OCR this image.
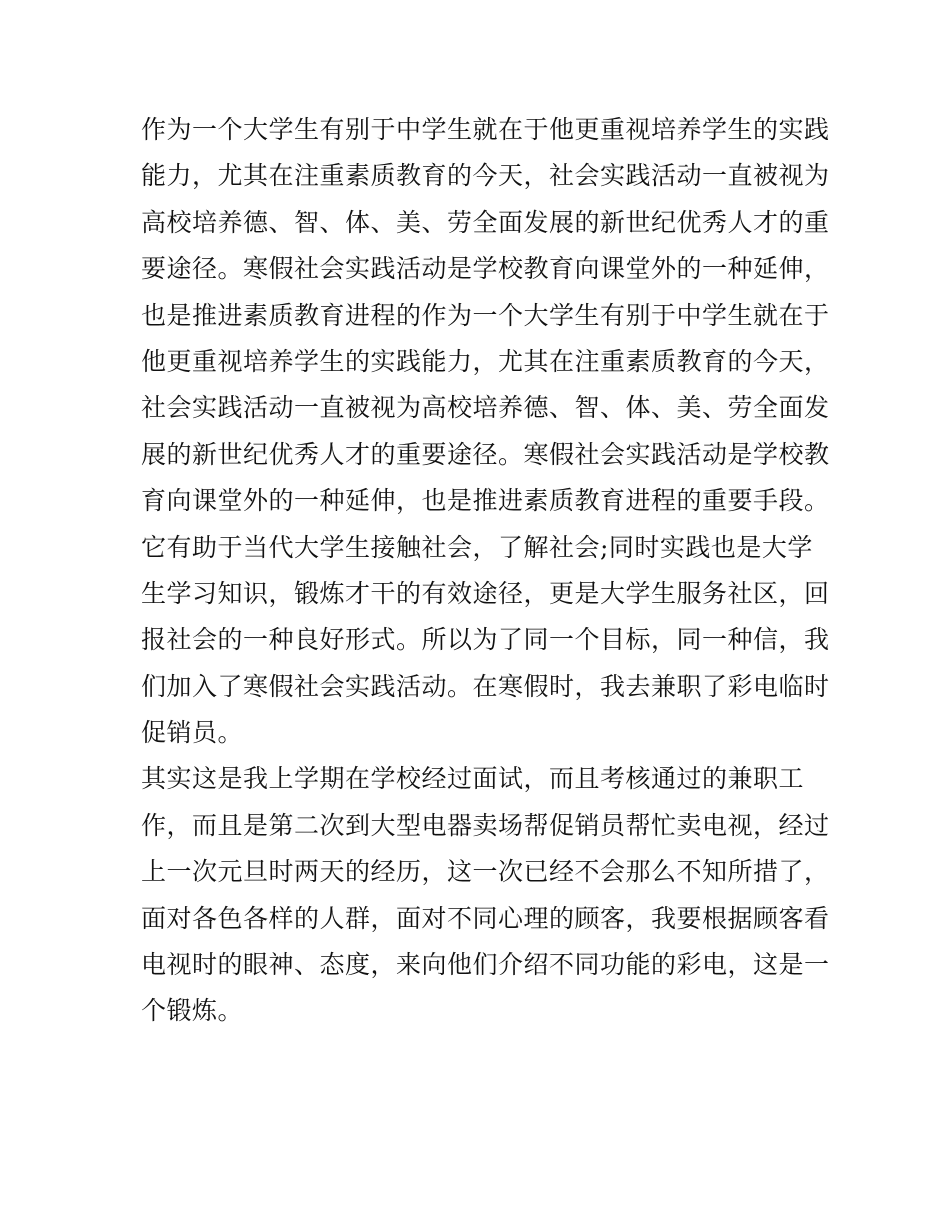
作为一个大学生有别于中学生就在于他更重视培养学生的实践
能力，尤其在注重素质教育的今天，社会实践活动一直被视为
高校培养德、智、体、美、劳全面发展的新世纪优秀人才的重
要途径。寒假社会实践活动是学校教育向课堂外的一种延伸，
也是推进素质教育进程的作为一个大学生有别于中学生就在于
他更重视培养学生的实践能力，尤其在注重素质教育的今天，
社会实践活动一直被视为高校培养德、智、体、美、劳全面发
展的新世纪优秀人才的重要途径。寒假社会实践活动是学校教
育向课堂外的一种延伸，也是推进素质教育进程的重要手段。
它有助于当代大学生接触社会，了解社会;同时实践也是大学
生学习知识，锻炼才干的有效途径，更是大学生服务社区，回
报社会的一种良好形式。所以为了同一个目标，同一种信，我
们加入了寒假社会实践活动。在寒假时，我去兼职了彩电临时
促销员。
其实这是我上学期在学校经过面试，而且考核通过的兼职工
作，而且是第二次到大型电器卖场帮促销员帮忙卖电视，经过
上一次元旦时两天的经历，这一次已经不会那么不知所措了，
面对各色各样的人群，面对不同心理的顾客，我要根据顾客看
电视时的眼神、态度，来向他们介绍不同功能的彩电，这是一
个锻炼。
